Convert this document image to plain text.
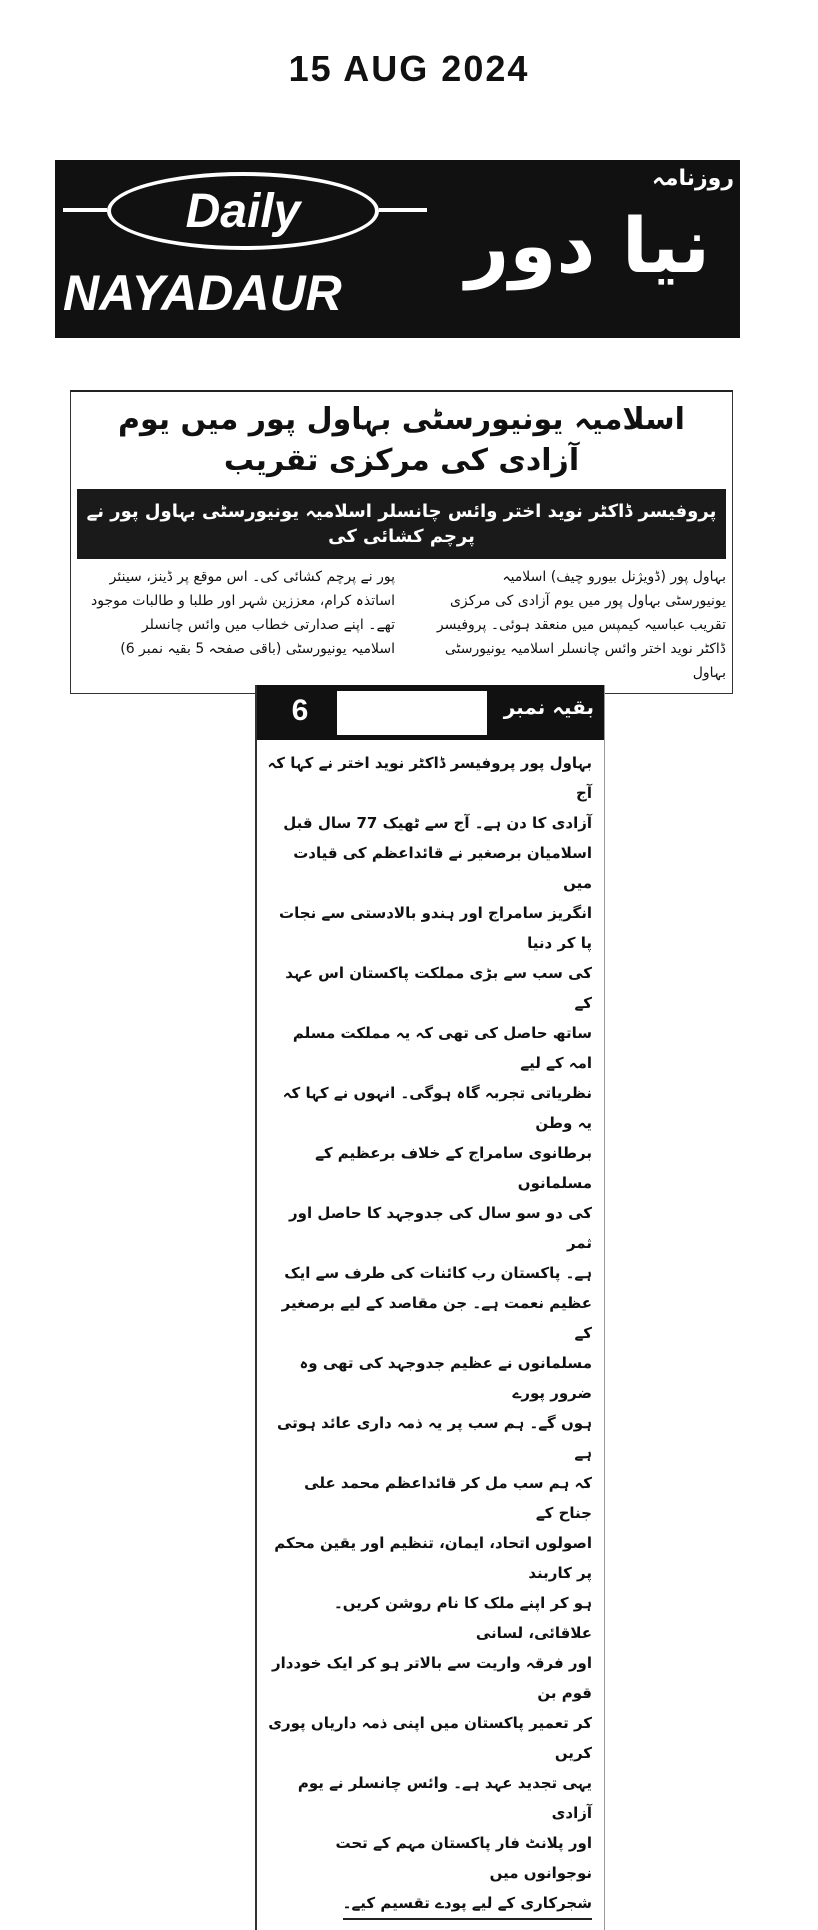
15 AUG 2024
Daily
NAYADAUR
روزنامہ
نیا دور
اسلامیہ یونیورسٹی بہاول پور میں یوم آزادی کی مرکزی تقریب
پروفیسر ڈاکٹر نوید اختر وائس چانسلر اسلامیہ یونیورسٹی بہاول پور نے پرچم کشائی کی
بہاول پور (ڈویژنل بیورو چیف) اسلامیہ
یونیورسٹی بہاول پور میں یوم آزادی کی مرکزی
تقریب عباسیہ کیمپس میں منعقد ہوئی۔ پروفیسر
ڈاکٹر نوید اختر وائس چانسلر اسلامیہ یونیورسٹی بہاول
پور نے پرچم کشائی کی۔ اس موقع پر ڈینز، سینئر
اساتذہ کرام، معززین شہر اور طلبا و طالبات موجود
تھے۔ اپنے صدارتی خطاب میں وائس چانسلر
اسلامیہ یونیورسٹی (باقی صفحہ 5 بقیہ نمبر 6)
6	بقیہ نمبر
بہاول پور پروفیسر ڈاکٹر نوید اختر نے کہا کہ آج
آزادی کا دن ہے۔ آج سے ٹھیک 77 سال قبل
اسلامیان برصغیر نے قائداعظم کی قیادت میں
انگریز سامراج اور ہندو بالادستی سے نجات پا کر دنیا
کی سب سے بڑی مملکت پاکستان اس عہد کے
ساتھ حاصل کی تھی کہ یہ مملکت مسلم امہ کے لیے
نظریاتی تجربہ گاہ ہوگی۔ انہوں نے کہا کہ یہ وطن
برطانوی سامراج کے خلاف برعظیم کے مسلمانوں
کی دو سو سال کی جدوجہد کا حاصل اور ثمر
ہے۔ پاکستان رب کائنات کی طرف سے ایک
عظیم نعمت ہے۔ جن مقاصد کے لیے برصغیر کے
مسلمانوں نے عظیم جدوجہد کی تھی وہ ضرور پورے
ہوں گے۔ ہم سب پر یہ ذمہ داری عائد ہوتی ہے
کہ ہم سب مل کر قائداعظم محمد علی جناح کے
اصولوں اتحاد، ایمان، تنظیم اور یقین محکم پر کاربند
ہو کر اپنے ملک کا نام روشن کریں۔ علاقائی، لسانی
اور فرقہ واریت سے بالاتر ہو کر ایک خوددار قوم بن
کر تعمیر پاکستان میں اپنی ذمہ داریاں پوری کریں
یہی تجدید عہد ہے۔ وائس چانسلر نے یوم آزادی
اور پلانٹ فار پاکستان مہم کے تحت نوجوانوں میں
شجرکاری کے لیے پودے تقسیم کیے۔
